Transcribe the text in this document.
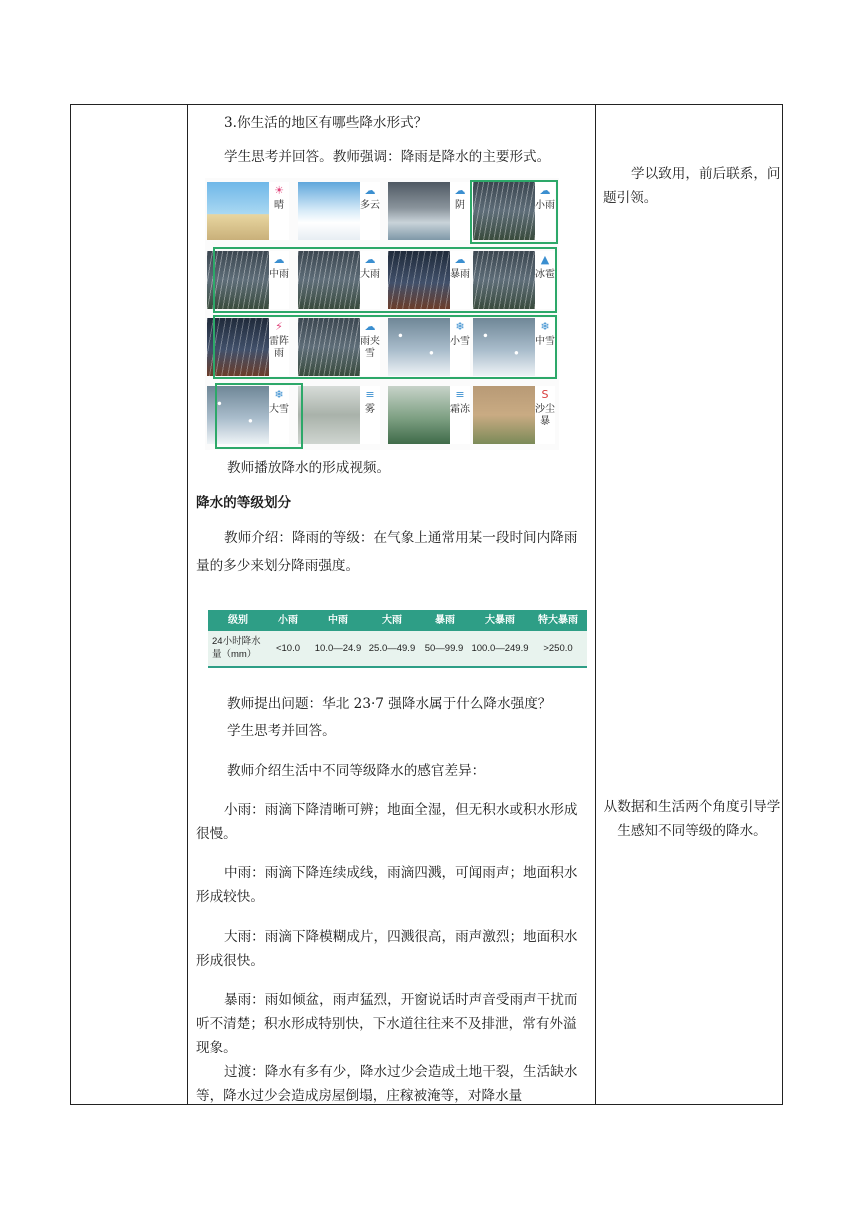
3.你生活的地区有哪些降水形式？

学生思考并回答。教师强调：降雨是降水的主要形式。

☀
晴
☁
多云
☁
阴
☁
小雨
☁
中雨
☁
大雨
☁
暴雨
▲
冰雹
⚡
雷阵雨
☁
雨夹雪
❄
小雪
❄
中雪
❄
大雪
≡
雾
≡
霜冻
S
沙尘暴
教师播放降水的形成视频。
降水的等级划分

教师介绍：降雨的等级：在气象上通常用某一段时间内降雨量的多少来划分降雨强度。

级别	小雨	中雨	大雨	暴雨	大暴雨	特大暴雨
24小时降水
量（mm）
<10.0	10.0—24.9 25.0—49.9 50—99.9 100.0—249.9	>250.0
教师提出问题：华北 23·7 强降水属于什么降水强度？
学生思考并回答。
教师介绍生活中不同等级降水的感官差异：

小雨：雨滴下降清晰可辨；地面全湿，但无积水或积水形成很慢。

中雨：雨滴下降连续成线，雨滴四溅，可闻雨声；地面积水形成较快。

大雨：雨滴下降模糊成片，四溅很高，雨声激烈；地面积水形成很快。

暴雨：雨如倾盆，雨声猛烈，开窗说话时声音受雨声干扰而听不清楚；积水形成特别快，下水道往往来不及排泄，常有外溢现象。

过渡：降水有多有少，降水过少会造成土地干裂，生活缺水等，降水过少会造成房屋倒塌，庄稼被淹等，对降水量

学以致用，前后联系，问题引领。
从数据和生活两个角度引导学生感知不同等级的降水。
